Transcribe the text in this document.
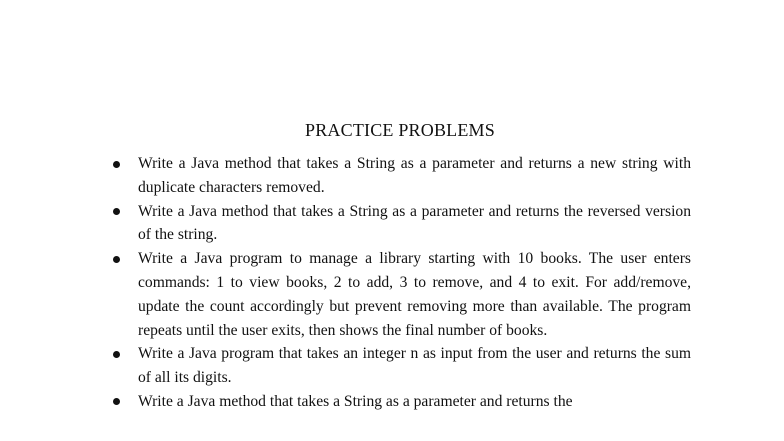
PRACTICE PROBLEMS
Write a Java method that takes a String as a parameter and returns a new string with duplicate characters removed.
Write a Java method that takes a String as a parameter and returns the reversed version of the string.
Write a Java program to manage a library starting with 10 books. The user enters commands: 1 to view books, 2 to add, 3 to remove, and 4 to exit. For add/remove, update the count accordingly but prevent removing more than available. The program repeats until the user exits, then shows the final number of books.
Write a Java program that takes an integer n as input from the user and returns the sum of all its digits.
Write a Java method that takes a String as a parameter and returns the
